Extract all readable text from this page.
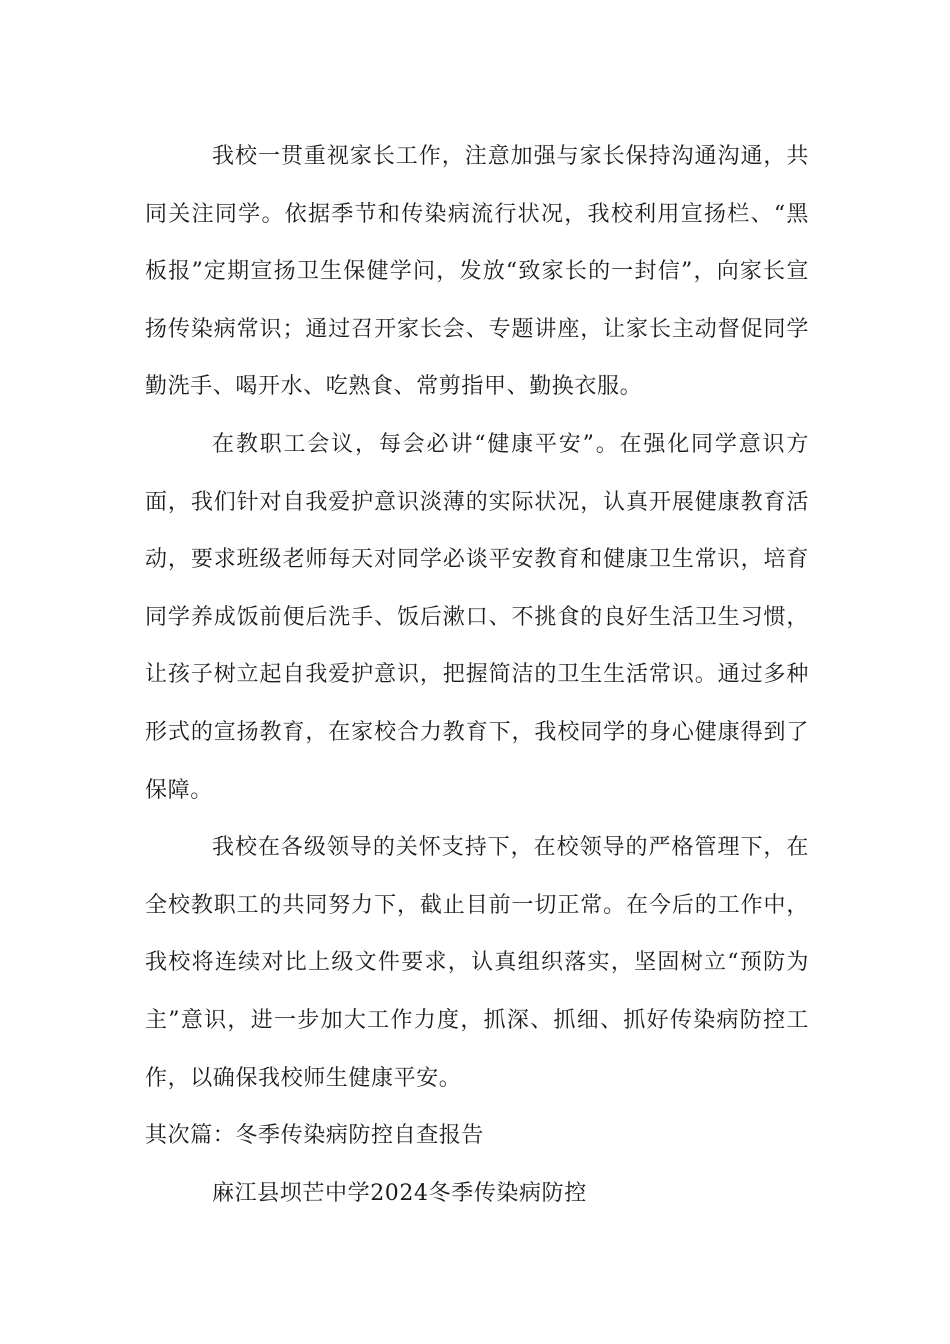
我校一贯重视家长工作，注意加强与家长保持沟通沟通，共同关注同学。依据季节和传染病流行状况，我校利用宣扬栏、“黑板报”定期宣扬卫生保健学问，发放“致家长的一封信”，向家长宣扬传染病常识；通过召开家长会、专题讲座，让家长主动督促同学勤洗手、喝开水、吃熟食、常剪指甲、勤换衣服。

在教职工会议，每会必讲“健康平安”。在强化同学意识方面，我们针对自我爱护意识淡薄的实际状况，认真开展健康教育活动，要求班级老师每天对同学必谈平安教育和健康卫生常识，培育同学养成饭前便后洗手、饭后漱口、不挑食的良好生活卫生习惯，让孩子树立起自我爱护意识，把握简洁的卫生生活常识。通过多种形式的宣扬教育，在家校合力教育下，我校同学的身心健康得到了保障。

我校在各级领导的关怀支持下，在校领导的严格管理下，在全校教职工的共同努力下，截止目前一切正常。在今后的工作中，我校将连续对比上级文件要求，认真组织落实，坚固树立“预防为主”意识，进一步加大工作力度，抓深、抓细、抓好传染病防控工作，以确保我校师生健康平安。

其次篇：冬季传染病防控自查报告

麻江县坝芒中学2024冬季传染病防控
